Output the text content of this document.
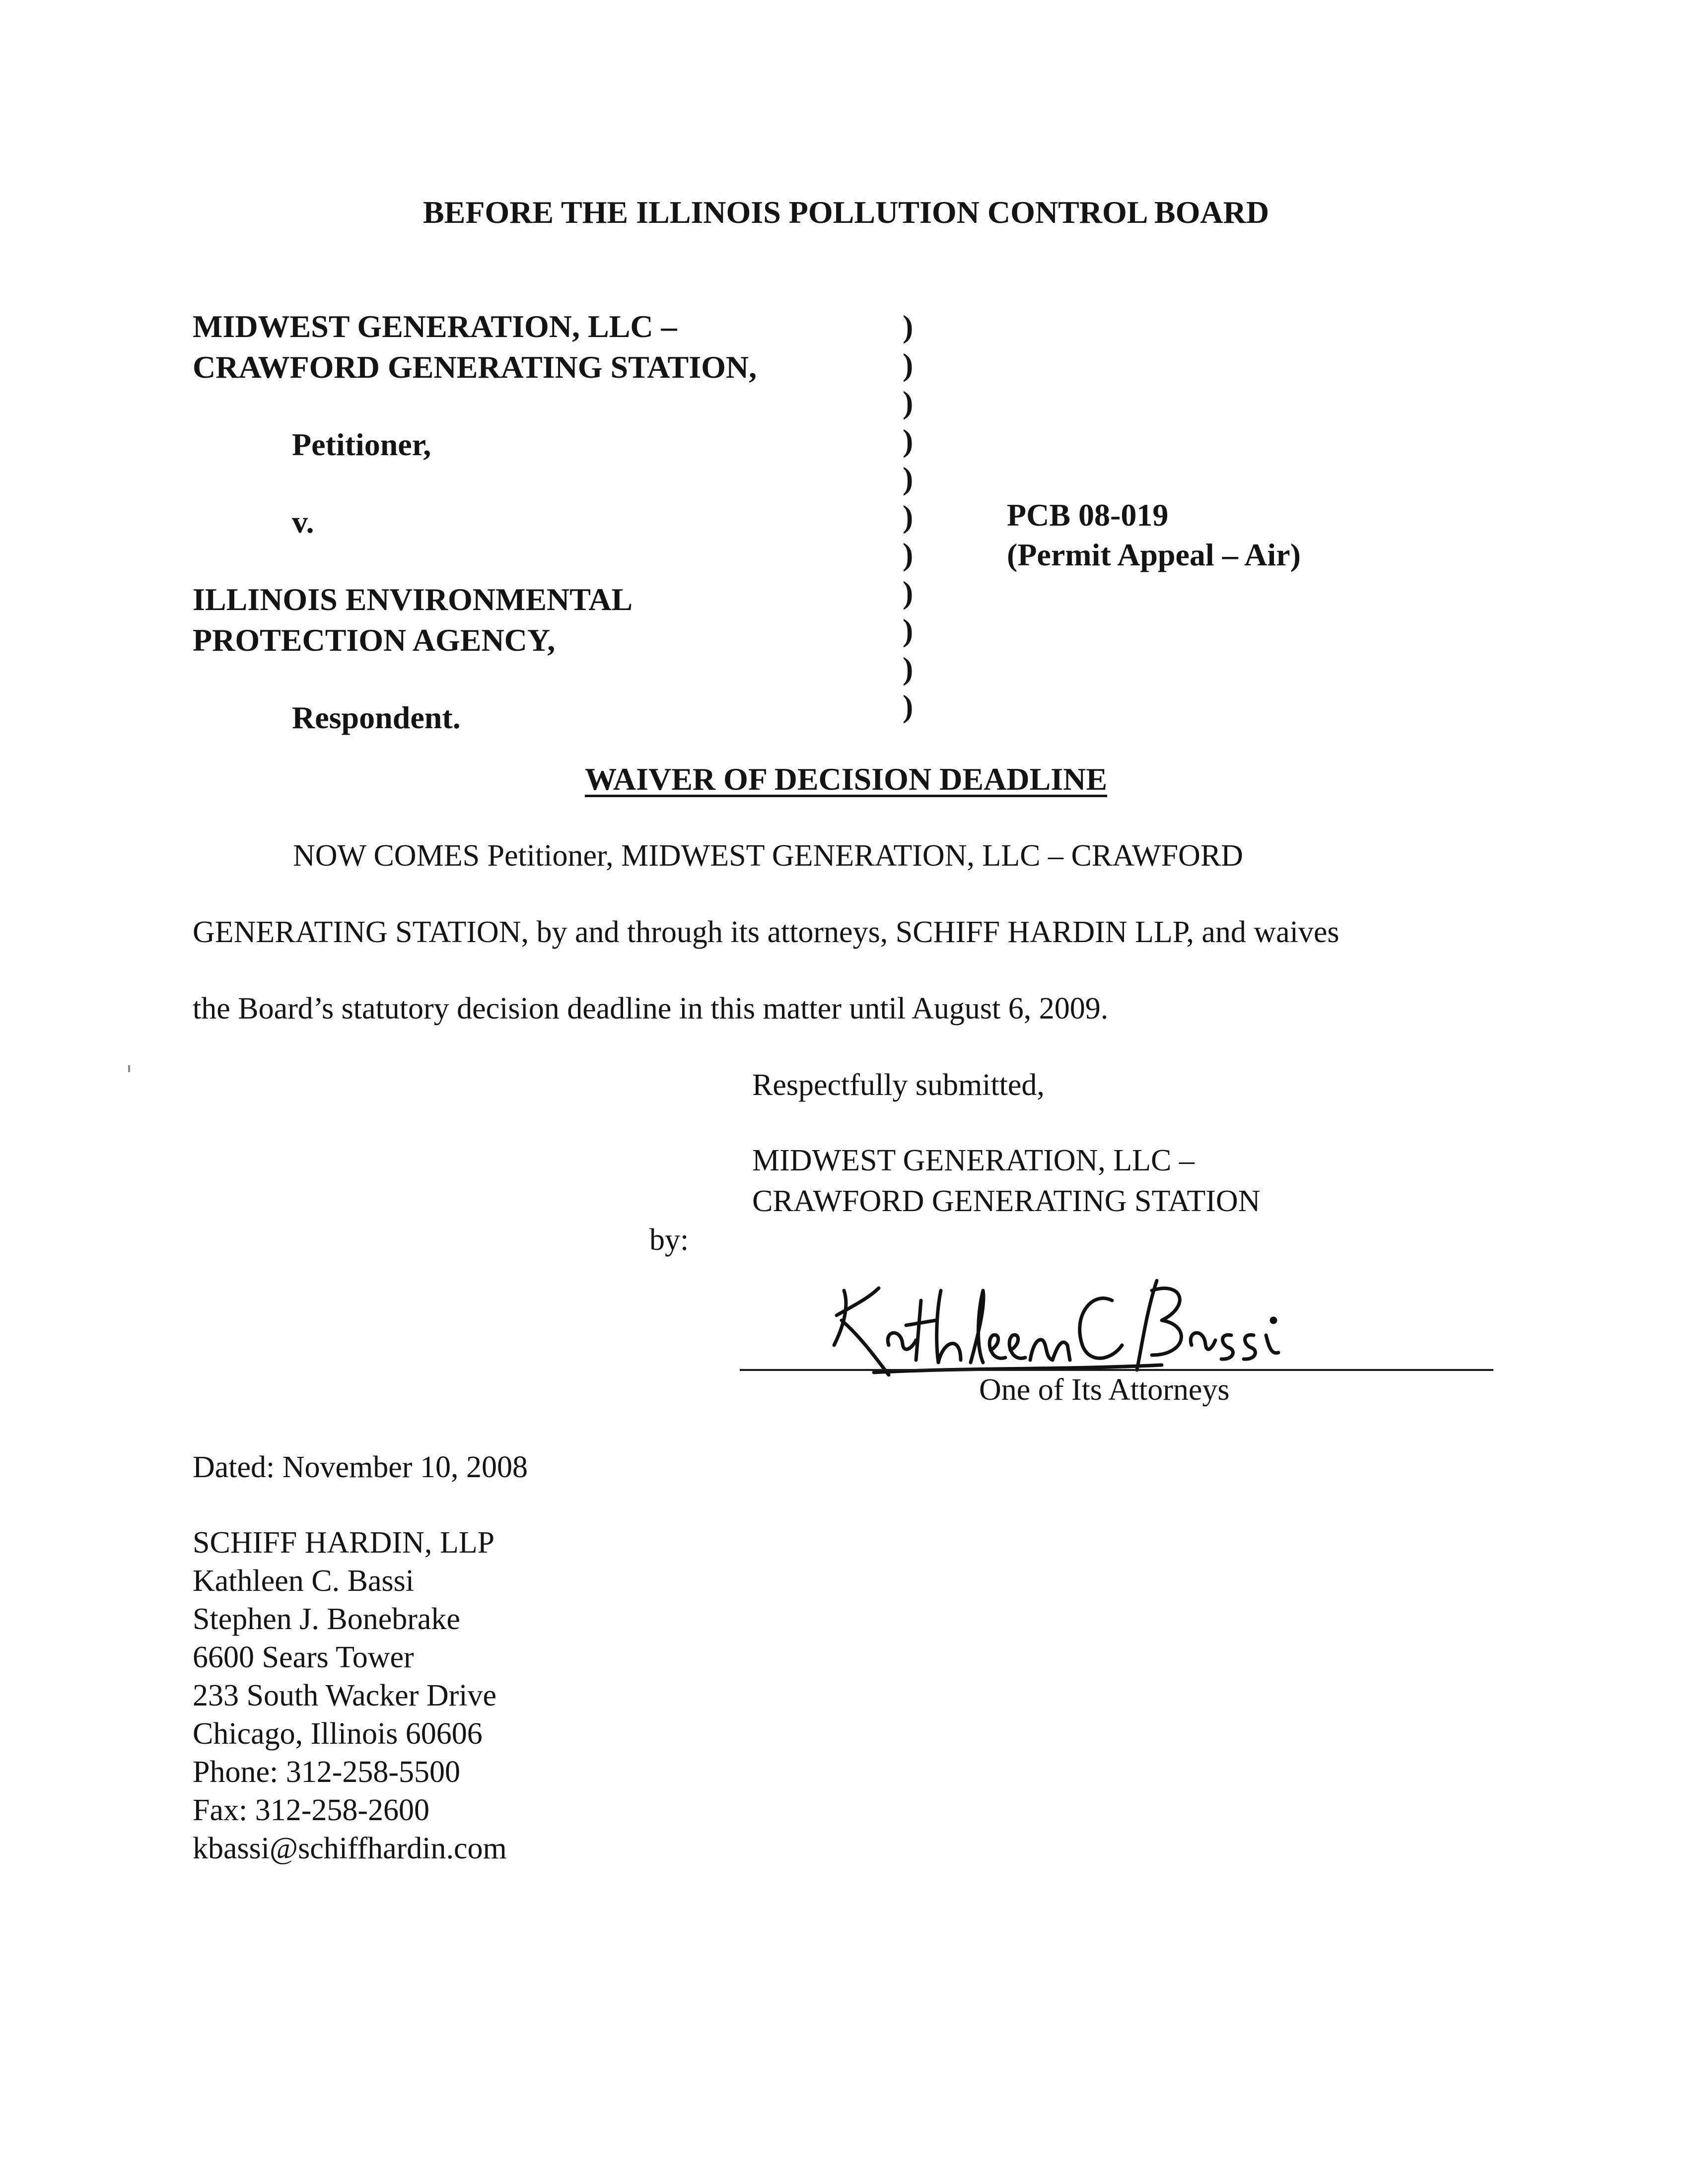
BEFORE THE ILLINOIS POLLUTION CONTROL BOARD
MIDWEST GENERATION, LLC –
CRAWFORD GENERATING STATION,
Petitioner,
v.
ILLINOIS ENVIRONMENTAL
PROTECTION AGENCY,
Respondent.
)
)
)
)
)
)
)
)
)
)
)
PCB 08-019
(Permit Appeal – Air)
WAIVER OF DECISION DEADLINE
NOW COMES Petitioner, MIDWEST GENERATION, LLC – CRAWFORD
GENERATING STATION, by and through its attorneys, SCHIFF HARDIN LLP, and waives
the Board’s statutory decision deadline in this matter until August 6, 2009.
Respectfully submitted,
MIDWEST GENERATION, LLC –
CRAWFORD GENERATING STATION
by:
One of Its Attorneys
Dated: November 10, 2008
SCHIFF HARDIN, LLP
Kathleen C. Bassi
Stephen J. Bonebrake
6600 Sears Tower
233 South Wacker Drive
Chicago, Illinois 60606
Phone: 312-258-5500
Fax: 312-258-2600
kbassi@schiffhardin.com
